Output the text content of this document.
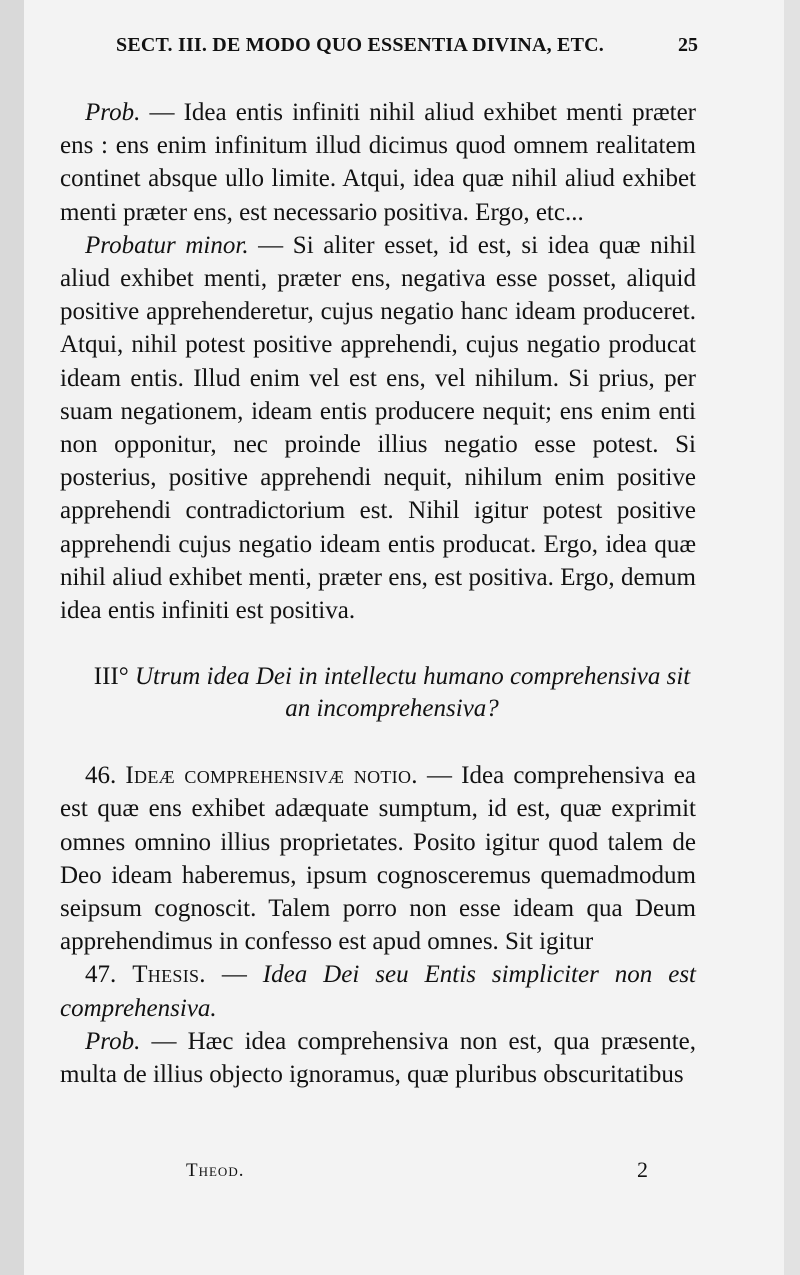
SECT. III. DE MODO QUO ESSENTIA DIVINA, ETC.	25

Prob. — Idea entis infiniti nihil aliud exhibet menti præter ens : ens enim infinitum illud dicimus quod omnem realitatem continet absque ullo limite. Atqui, idea quæ nihil aliud exhibet menti præter ens, est necessario positiva. Ergo, etc...

Probatur minor. — Si aliter esset, id est, si idea quæ nihil aliud exhibet menti, præter ens, negativa esse posset, aliquid positive apprehenderetur, cujus negatio hanc ideam produceret. Atqui, nihil potest positive apprehendi, cujus negatio producat ideam entis. Illud enim vel est ens, vel nihilum. Si prius, per suam negationem, ideam entis producere nequit; ens enim enti non opponitur, nec proinde illius negatio esse potest. Si posterius, positive apprehendi nequit, nihilum enim positive apprehendi contradictorium est. Nihil igitur potest positive apprehendi cujus negatio ideam entis producat. Ergo, idea quæ nihil aliud exhibet menti, præter ens, est positiva. Ergo, demum idea entis infiniti est positiva.

III° Utrum idea Dei in intellectu humano comprehensiva sit an incomprehensiva?

46. Ideæ comprehensivæ notio. — Idea comprehensiva ea est quæ ens exhibet adæquate sumptum, id est, quæ exprimit omnes omnino illius proprietates. Posito igitur quod talem de Deo ideam haberemus, ipsum cognosceremus quemadmodum seipsum cognoscit. Talem porro non esse ideam qua Deum apprehendimus in confesso est apud omnes. Sit igitur

47. Thesis. — Idea Dei seu Entis simpliciter non est comprehensiva.

Prob. — Hæc idea comprehensiva non est, qua præsente, multa de illius objecto ignoramus, quæ pluribus obscuritatibus

Theod.	2
